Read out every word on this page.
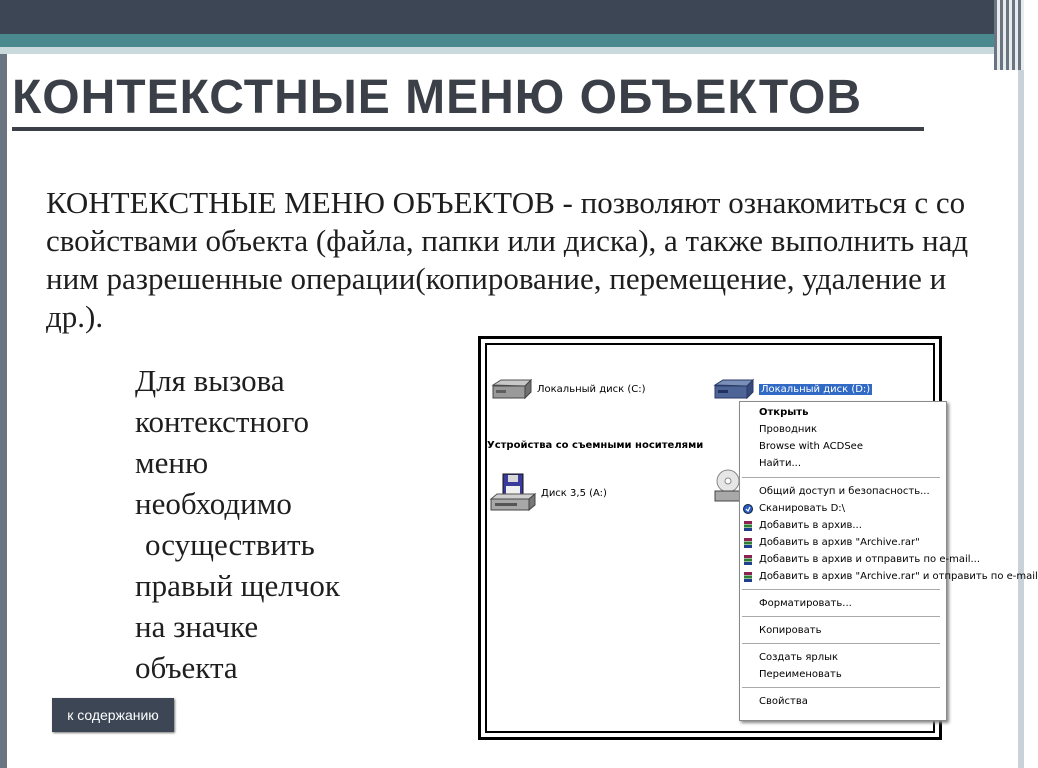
КОНТЕКСТНЫЕ МЕНЮ ОБЪЕКТОВ
КОНТЕКСТНЫЕ МЕНЮ ОБЪЕКТОВ - позволяют ознакомиться с со свойствами объекта (файла, папки или диска), а также выполнить над ним разрешенные операции(копирование, перемещение, удаление и др.).
Для вызова
контекстного
меню
необходимо
осуществить
правый щелчок
на значке
объекта
к содержанию
Локальный диск (C:)	Локальный диск (D:)
Устройства со съемными носителями
Диск 3,5 (A:)
Открыть
Проводник
Browse with ACDSee
Найти...
Общий доступ и безопасность...
Сканировать D:\
Добавить в архив...
Добавить в архив "Archive.rar"
Добавить в архив и отправить по e-mail...
Добавить в архив "Archive.rar" и отправить по e-mail
Форматировать...
Копировать
Создать ярлык
Переименовать
Свойства
